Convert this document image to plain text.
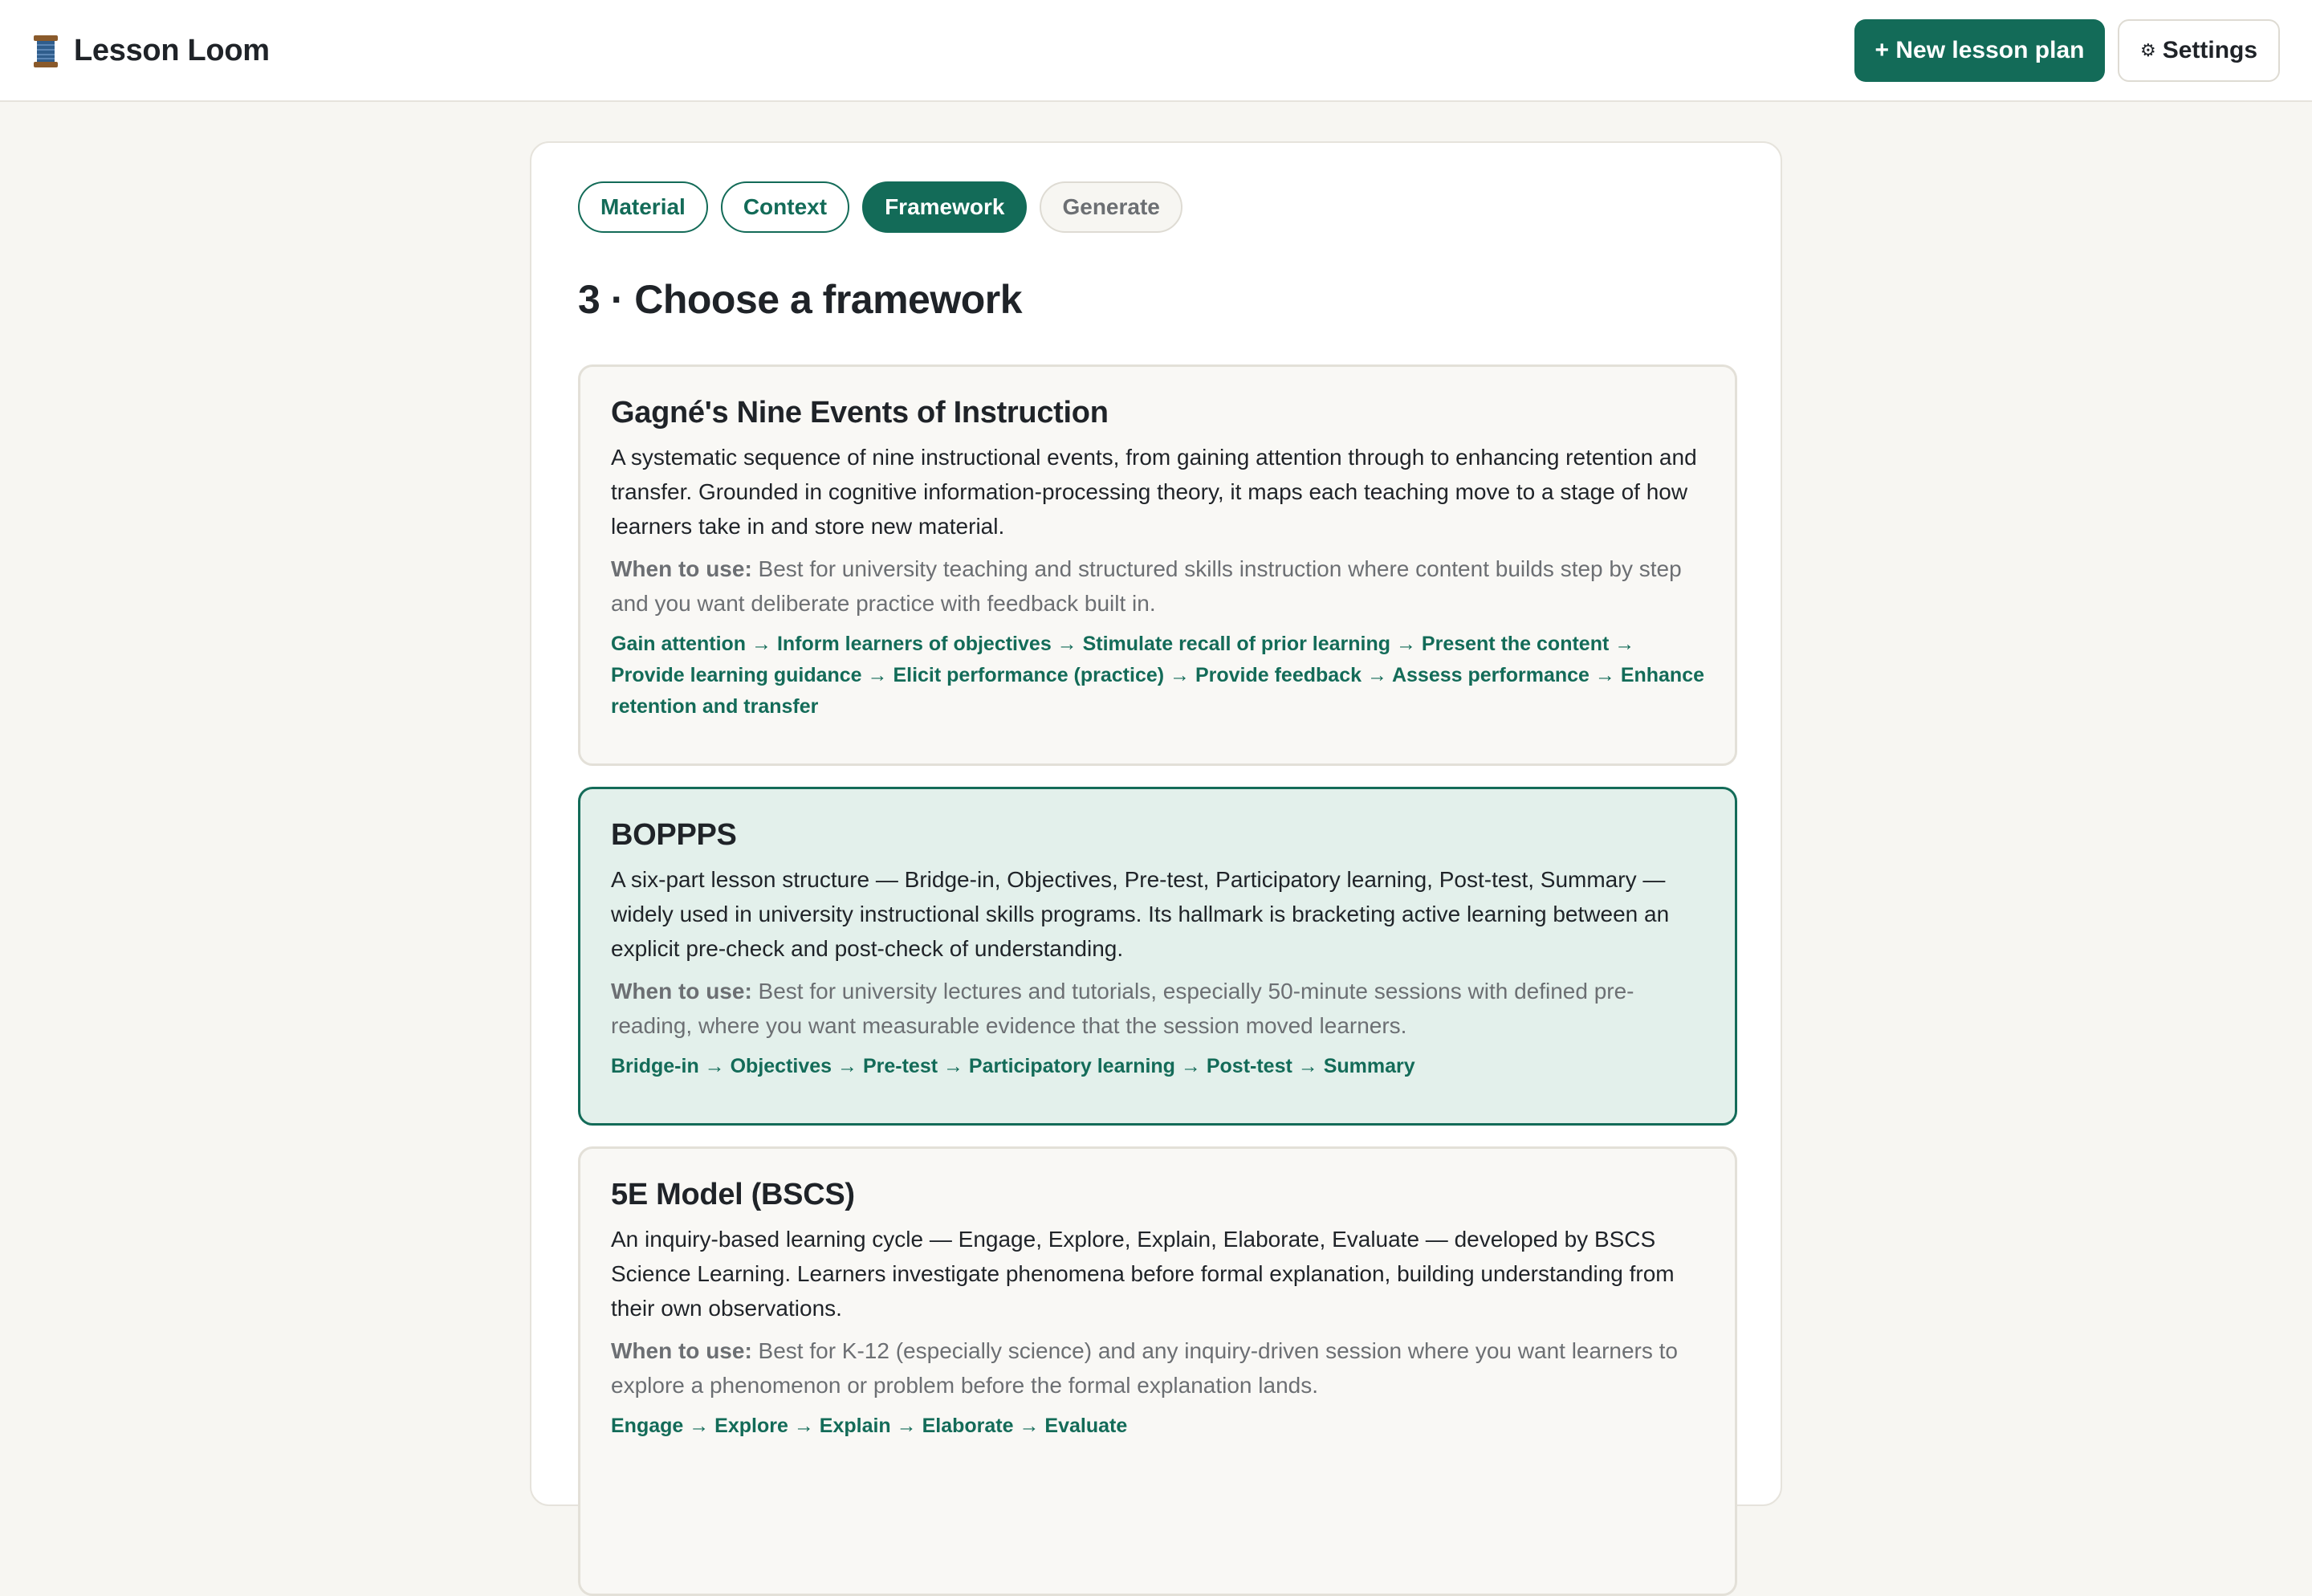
Lesson Loom	+ New lesson plan	⚙ Settings
Material	Context	Framework	Generate
3 · Choose a framework
Gagné's Nine Events of Instruction

A systematic sequence of nine instructional events, from gaining attention through to enhancing retention and transfer. Grounded in cognitive information-processing theory, it maps each teaching move to a stage of how learners take in and store new material.

When to use: Best for university teaching and structured skills instruction where content builds step by step and you want deliberate practice with feedback built in.

Gain attention → Inform learners of objectives → Stimulate recall of prior learning → Present the content → Provide learning guidance → Elicit performance (practice) → Provide feedback → Assess performance → Enhance retention and transfer

BOPPPS

A six-part lesson structure — Bridge-in, Objectives, Pre-test, Participatory learning, Post-test, Summary — widely used in university instructional skills programs. Its hallmark is bracketing active learning between an explicit pre-check and post-check of understanding.

When to use: Best for university lectures and tutorials, especially 50-minute sessions with defined pre-reading, where you want measurable evidence that the session moved learners.

Bridge-in → Objectives → Pre-test → Participatory learning → Post-test → Summary

5E Model (BSCS)

An inquiry-based learning cycle — Engage, Explore, Explain, Elaborate, Evaluate — developed by BSCS Science Learning. Learners investigate phenomena before formal explanation, building understanding from their own observations.

When to use: Best for K-12 (especially science) and any inquiry-driven session where you want learners to explore a phenomenon or problem before the formal explanation lands.

Engage → Explore → Explain → Elaborate → Evaluate
